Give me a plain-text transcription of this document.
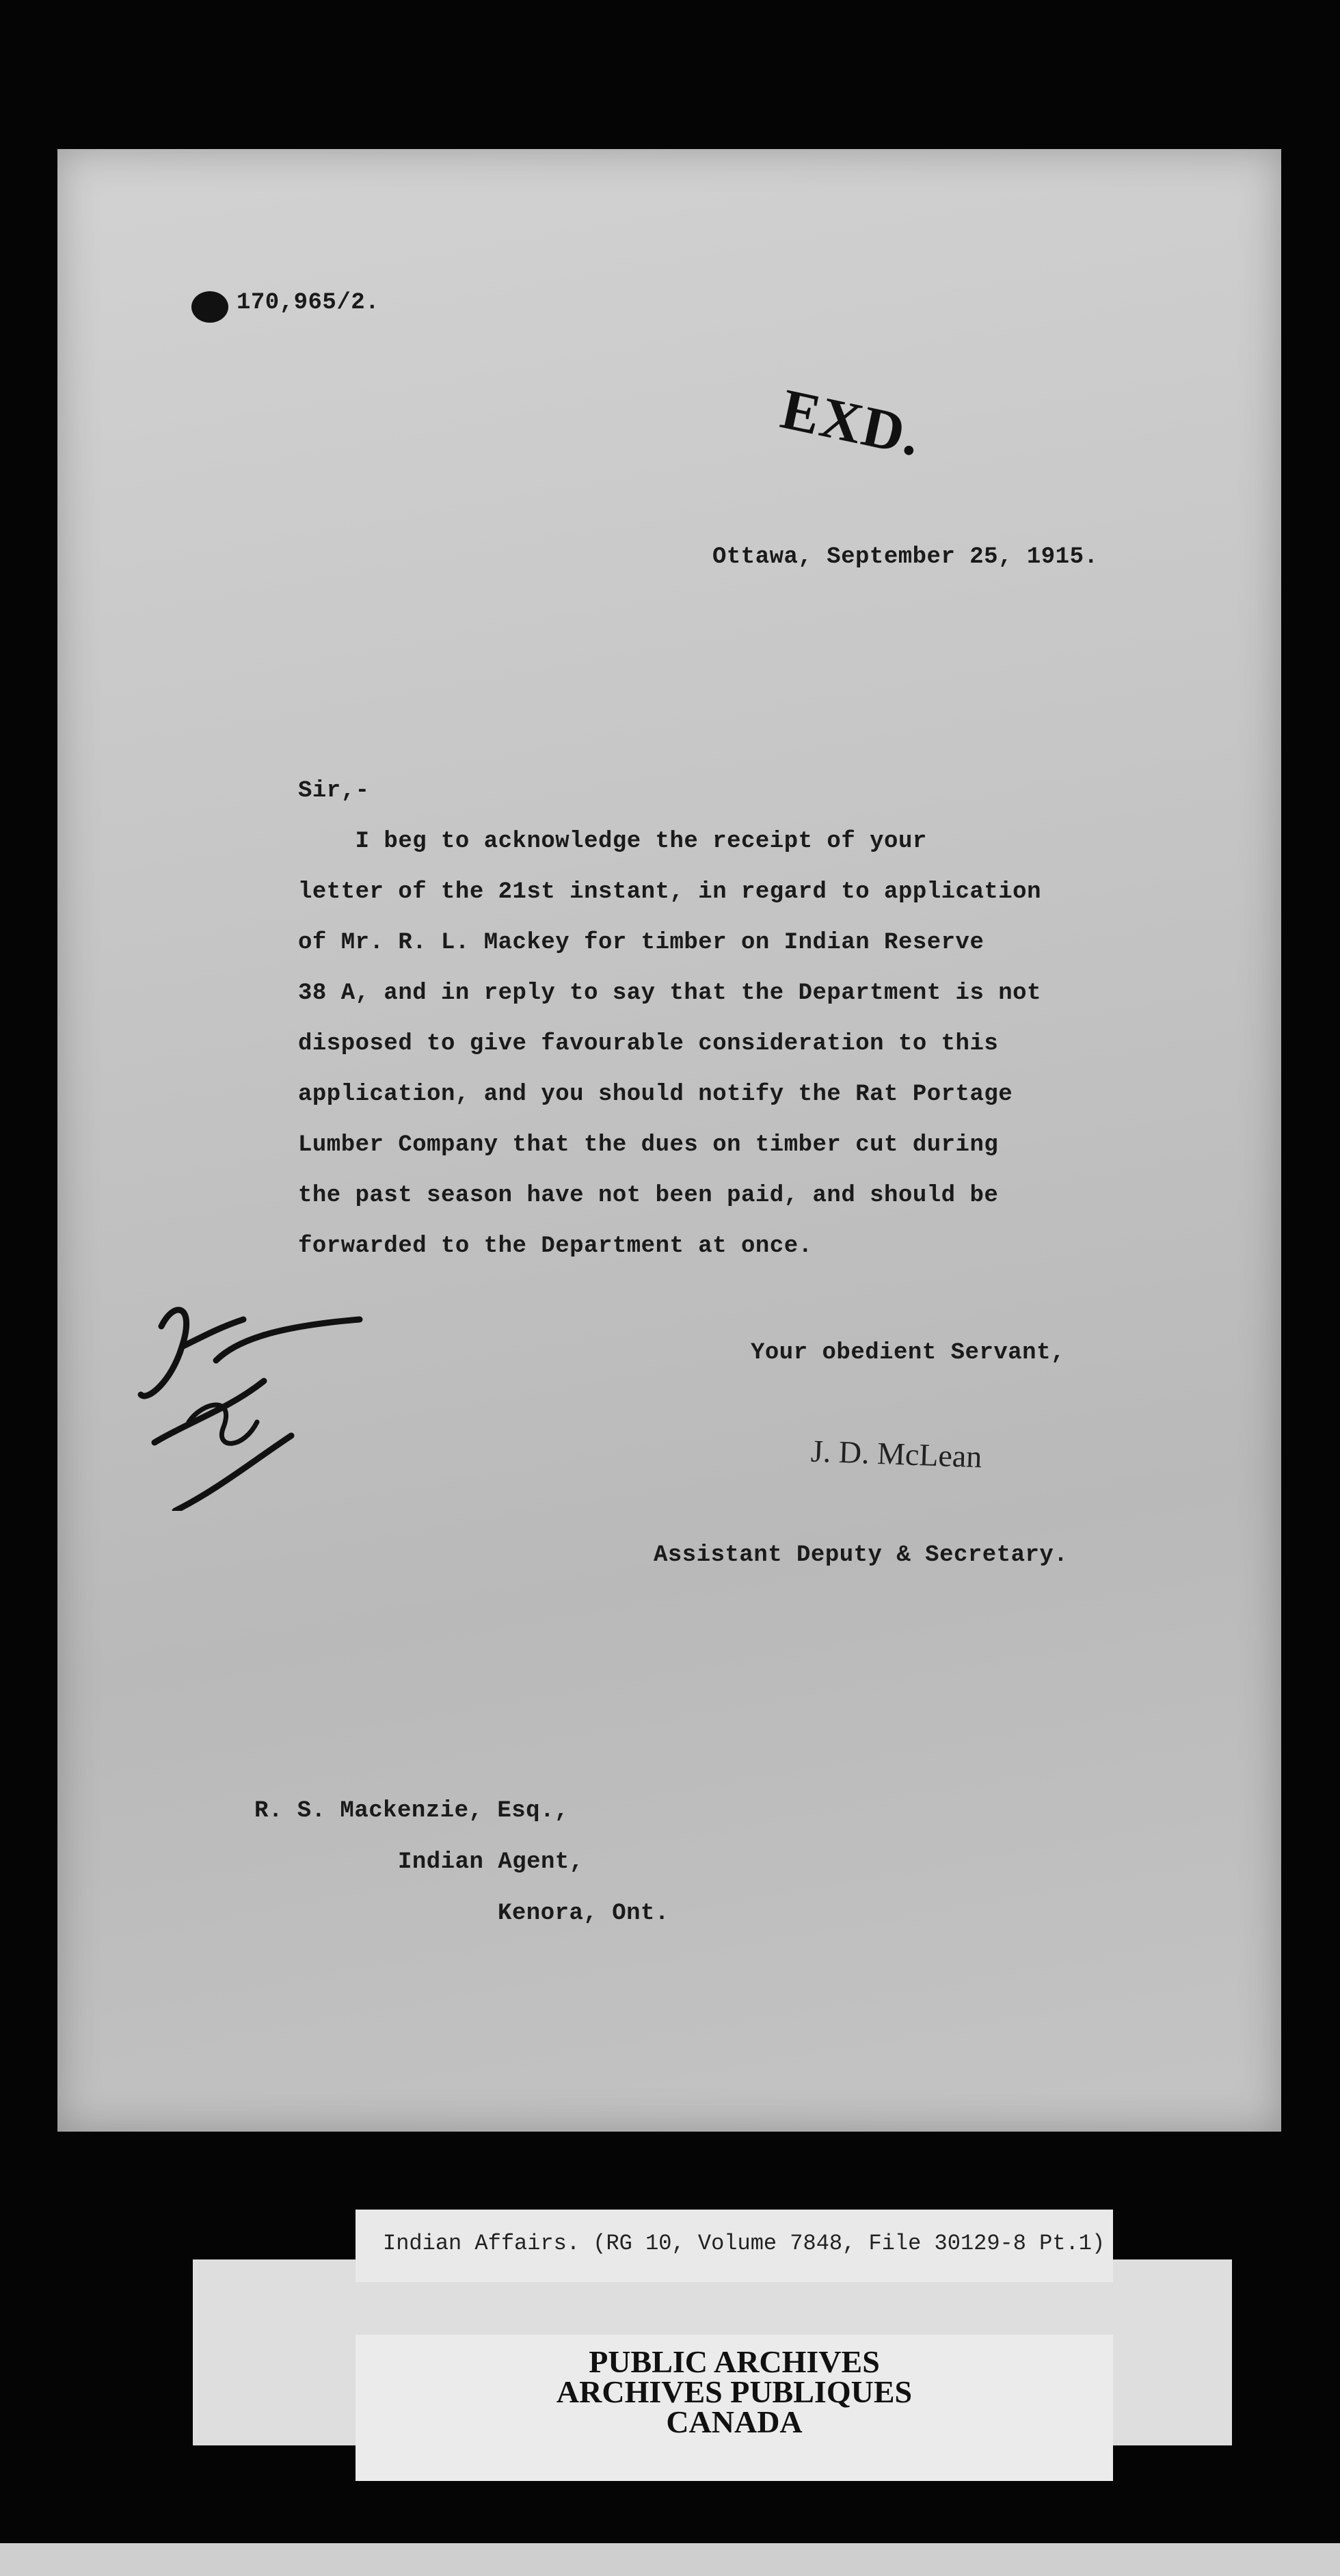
170,965/2.
EXD.
Ottawa, September 25, 1915.
Sir,-
I beg to acknowledge the receipt of your
letter of the 21st instant, in regard to application
of Mr. R. L. Mackey for timber on Indian Reserve
38 A, and in reply to say that the Department is not
disposed to give favourable consideration to this
application, and you should notify the Rat Portage
Lumber Company that the dues on timber cut during
the past season have not been paid, and should be
forwarded to the Department at once.
Your obedient Servant,
J. D. McLean
Assistant Deputy & Secretary.
R. S. Mackenzie, Esq.,
Indian Agent,
Kenora, Ont.
Indian Affairs. (RG 10, Volume 7848, File 30129-8 Pt.1)
PUBLIC ARCHIVES
ARCHIVES PUBLIQUES
CANADA
